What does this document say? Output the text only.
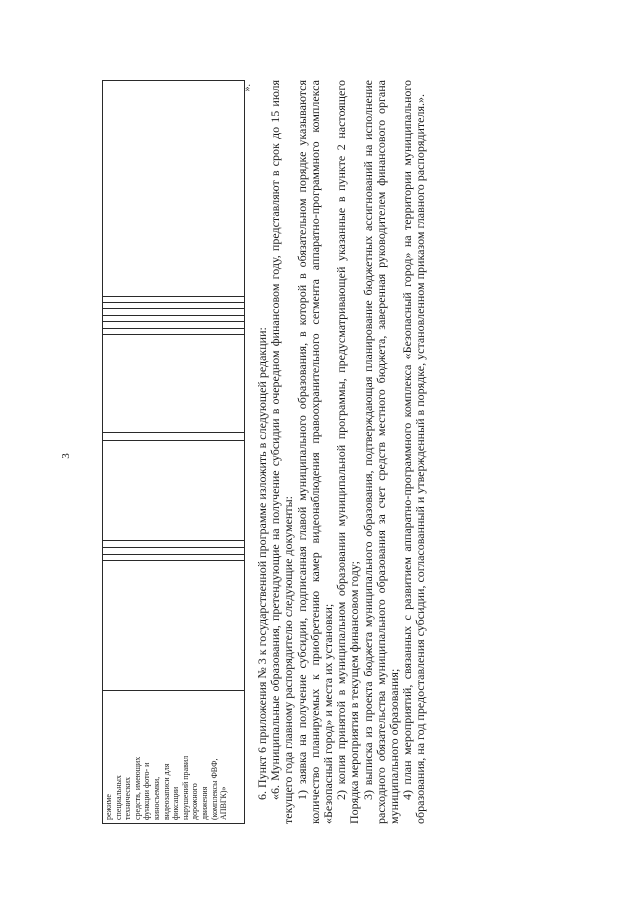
3
режиме
специальных
технических
средств, имеющих
функции фото- и
киносъемки,
видеозаписи для
фиксации
нарушений правил
дорожного
движения
(комплексы ФВФ,
АПВГК)»														
».

6. Пункт 6 приложения № 3 к государственной программе изложить в следующей редакции: «6. Муниципальные образования, претендующие на получение субсидии в очередном финансовом году, представляют в срок до 15 июля текущего года главному распорядителю следующие документы: 1) заявка на получение субсидии, подписанная главой муниципального образования, в которой в обязательном порядке указываются количество планируемых к приобретению камер видеонаблюдения правоохранительного сегмента аппаратно-программного комплекса «Безопасный город» и места их установки; 2) копия принятой в муниципальном образовании муниципальной программы, предусматривающей указанные в пункте 2 настоящего Порядка мероприятия в текущем финансовом году; 3) выписка из проекта бюджета муниципального образования, подтверждающая планирование бюджетных ассигнований на исполнение расходного обязательства муниципального образования за счет средств местного бюджета, заверенная руководителем финансового органа муниципального образования; 4) план мероприятий, связанных с развитием аппаратно-программного комплекса «Безопасный город» на территории муниципального образования, на год предоставления субсидии, согласованный и утвержденный в порядке, установленном приказом главного распорядителя.».
